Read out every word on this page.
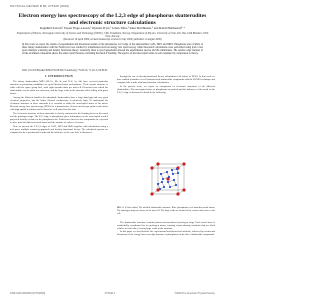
PHYSICAL REVIEW B 80, 075108 (2009)
Electron energy loss spectroscopy of the L2,3 edge of phosphorus skutterudites and electronic structure calculations
Ragnhild Sæterli,¹ Espen Flage-Larsen,² Øystein Prytz,² Johan Taftø,² Knut Marthinsen,¹ and Randi Holmestad¹·*
¹Department of Physics, Norwegian University of Science and Technology (NTNU), 7491 Trondheim, Norway ²Department of Physics, University of Oslo, P.O. Box 1048 Blindern, 0316 Oslo, Norway
(Received 16 April 2009; revised manuscript received 2 July 2009; published 11 August 2009)
In this work we report the results of experimental and theoretical studies of the phosphorus L2,3 edge of the skutterudites CoP3, NiP3 and RhP3. Phosphorus and a family of these binary skutterudites with the Fermi level was studied by transmission electron energy loss spectroscopy while theoretical calculations were performed using both a real space multiple scattering and density functional theory. Generally, there is good agreement between the experimental spectra and the simulations. The relative edge features of all the examined compounds shows the same overall features, including the metal-P bonding. The spectra of the unoccupied states is well explained by comparison to theory.
DOI: 10.1103/PhysRevB.80.075108 PACS number(s): 79.20.Uv, 71.20.-b, 82.80.Pv
I. INTRODUCTION

The binary skutterudites MX3 (M=Co, Rh, Ir; and X=P, As, Sb) have received particular attention as promising candidates for good thermoelectric performance. Their crystal structure is cubic with the space group Im3, with eight formula units per unit cell. Elements from which the skutterudites can be made are numerous, and the large voids in the structure allow filling with guest atoms.

Among the different families the phosphide skutterudites have a large band gap and very good electrical properties, but the lattice thermal conductivity is relatively high. To understand the electronic structure of these materials it is essential to study the unoccupied states of the anion. Electron energy loss spectroscopy (EELS) in a transmission electron microscope probes such states with high spatial resolution and is therefore well suited for this task.

The electronic structure of these materials is closely connected to the bonding between the metal and the pnictogen rings. The L2,3 edge of phosphorus gives information on the unoccupied s and d projected density of states at the phosphorus site. Differences between the compounds are expected to arise from the different metal atoms and the number of valence electrons.

Here we present the P L2,3 edges of CoP3, NiP3 and RhP3 together with calculations using a real space multiple scattering approach and density functional theory. The calculated spectra are compared to the experimental results and the influence of the core hole is discussed.

through the use of density-functional theory calculations (Ab initio) or EELS. In this work we have studied a number of well characterized skutterudite compounds with the ELNES technique and compared the results with band structure calculations.

In the present work, we report on comparison of electronic structures of the different skutterudites. The unoccupied states of phosphorus are probed and the influence of the metal on the P L2,3 edge is discussed in detail in the following.

FIG. 1. (Color online) The unfilled skutterudite structure. Blue: phosphorus; red: transition metal atoms. The pnictogen rings are shown in the unit cell. The large voids are located at the corners and center of the cell.

The skutterudite structure contains planar four-membered pnictogen rings. Each metal atom is octahedrally coordinated by six pnictogen atoms, forming corner-sharing octahedra that are tilted relative to each other, leaving large voids in the structure.

In this paper we first describe the experimental and theoretical methods, followed by results and discussion of the energy loss near edge structure of phosphorus in the three skutterudite compounds.

1098-0121/2009/80(7)/075108(8)	075108-1	©2009 The American Physical Society
